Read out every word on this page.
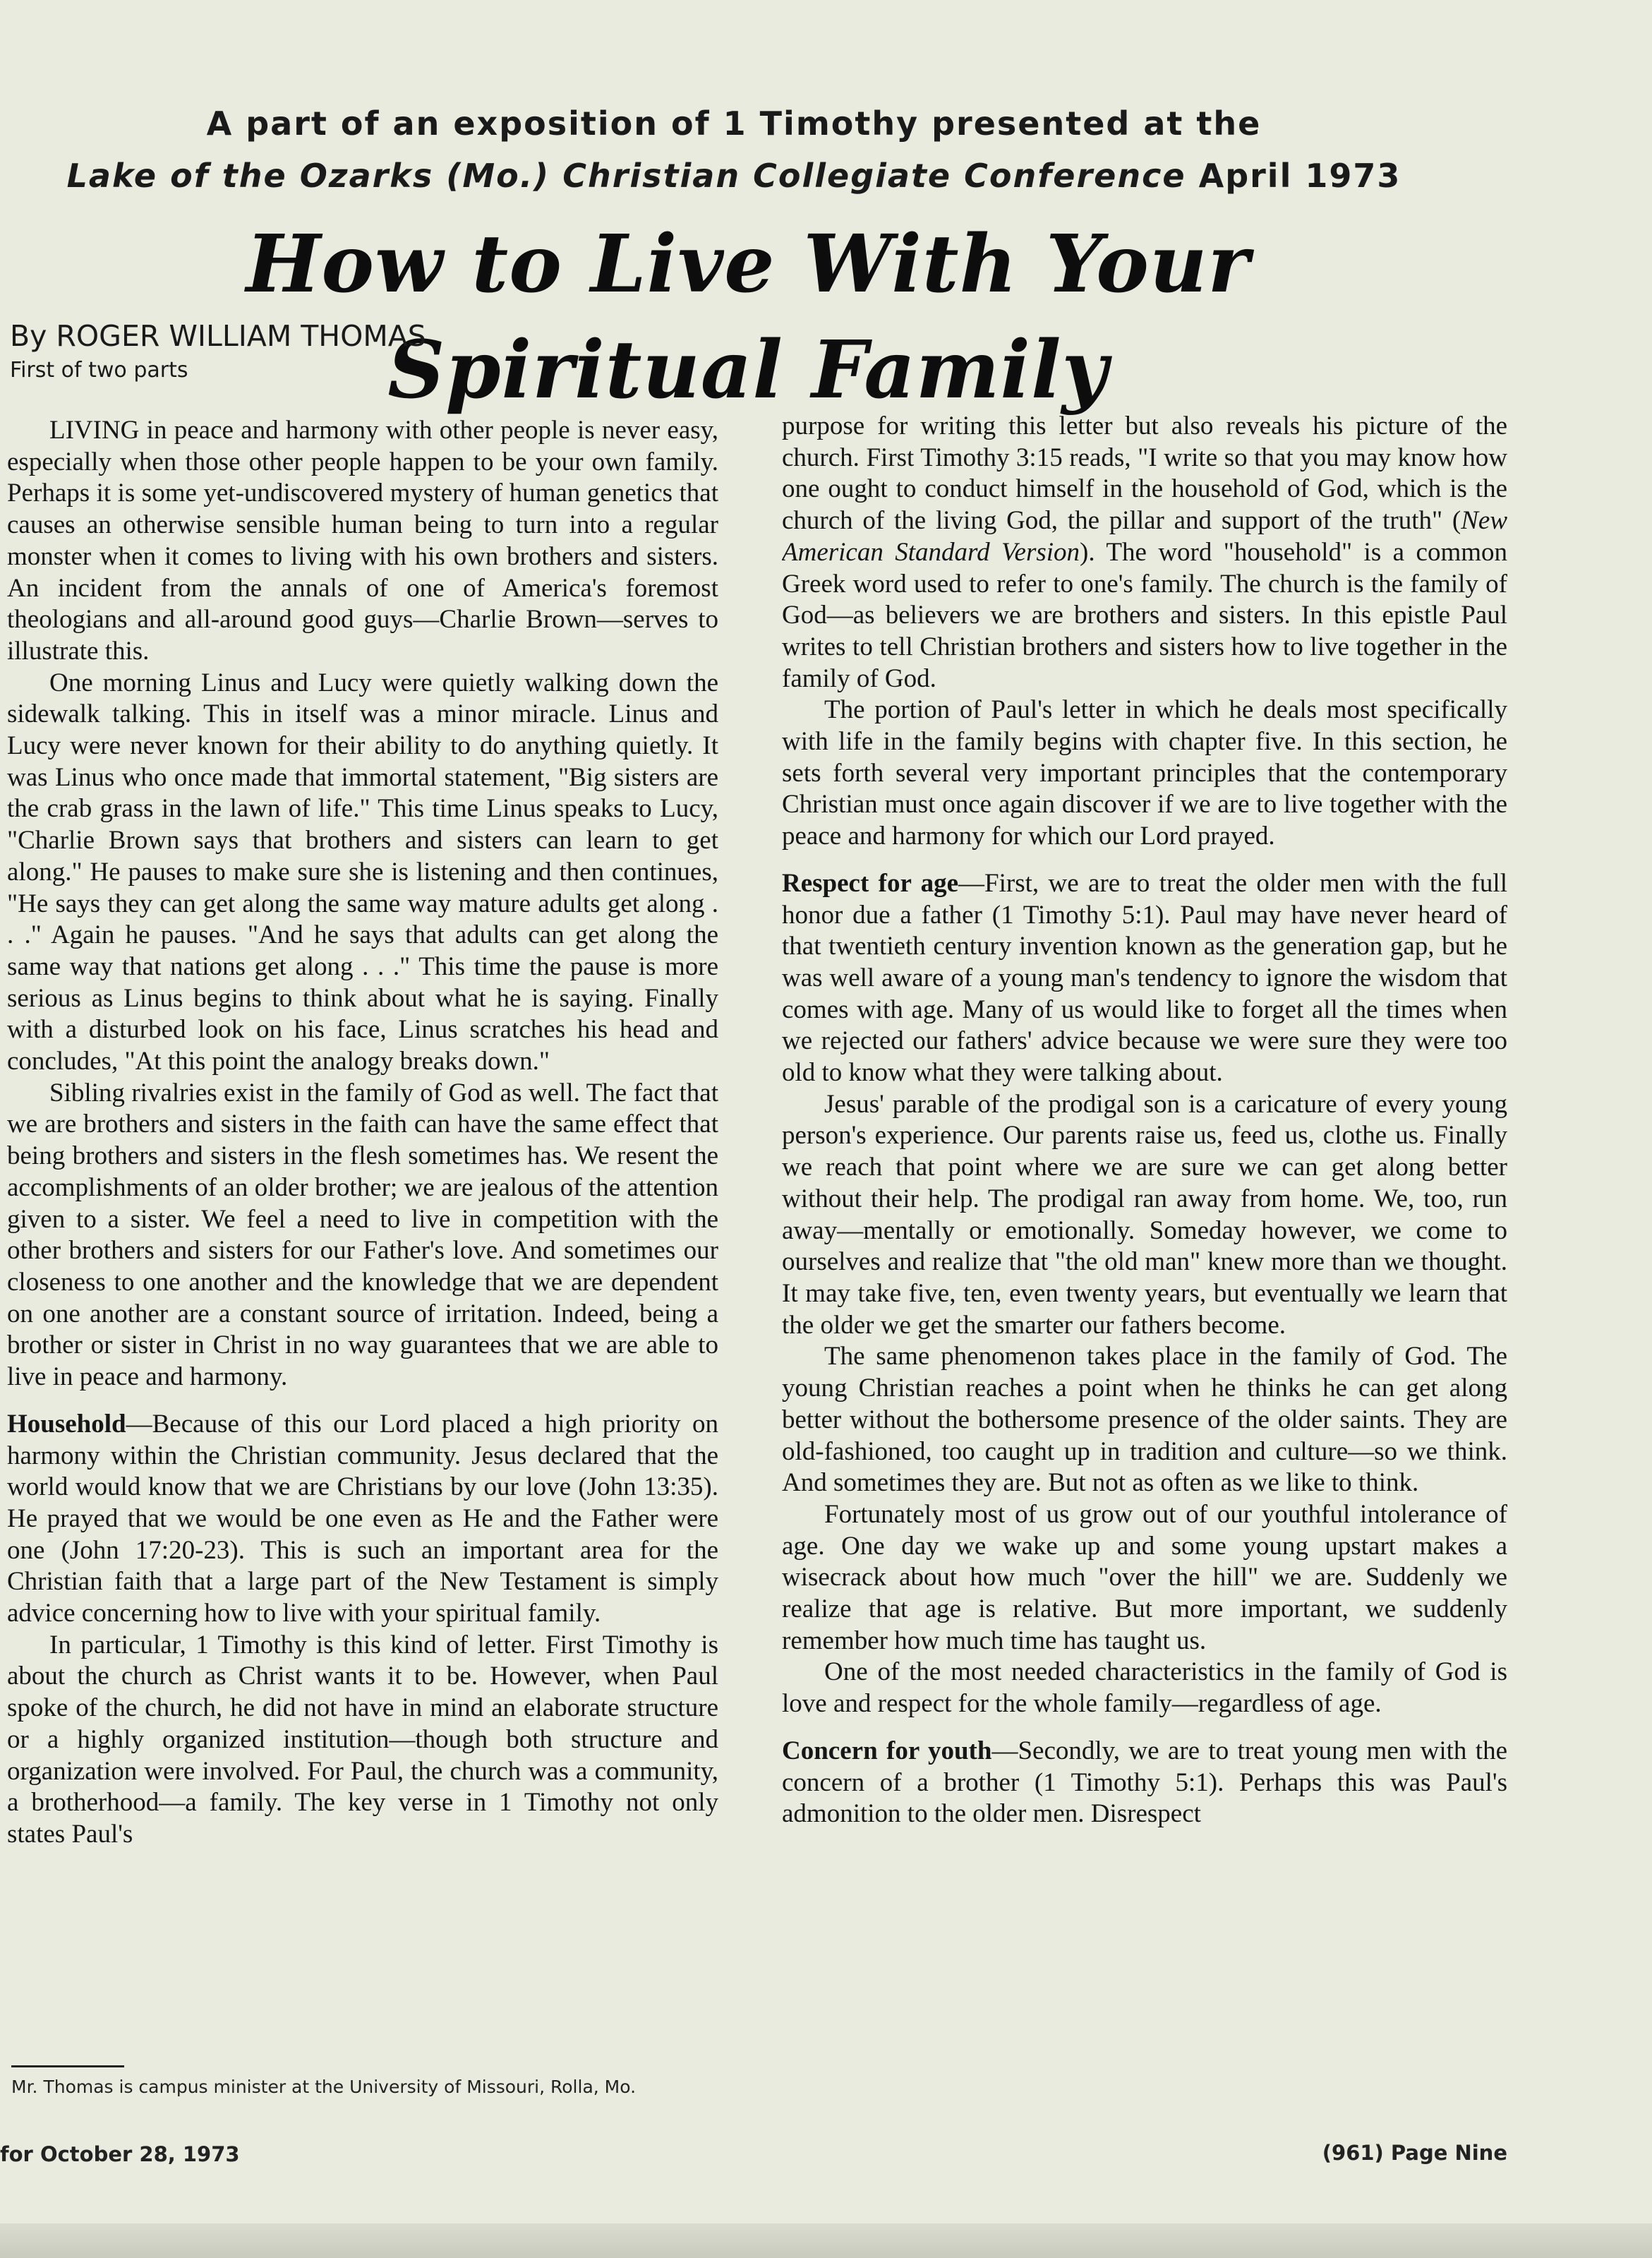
A part of an exposition of 1 Timothy presented at the
Lake of the Ozarks (Mo.) Christian Collegiate Conference April 1973
How to Live With Your Spiritual Family
By ROGER WILLIAM THOMAS
First of two parts

LIVING in peace and harmony with other people is never easy, especially when those other people happen to be your own family. Perhaps it is some yet-undiscovered mystery of human genetics that causes an otherwise sensible human being to turn into a regular monster when it comes to living with his own brothers and sisters. An incident from the annals of one of America's foremost theologians and all-around good guys—Charlie Brown—serves to illustrate this.

One morning Linus and Lucy were quietly walking down the sidewalk talking. This in itself was a minor miracle. Linus and Lucy were never known for their ability to do anything quietly. It was Linus who once made that immortal statement, "Big sisters are the crab grass in the lawn of life." This time Linus speaks to Lucy, "Charlie Brown says that brothers and sisters can learn to get along." He pauses to make sure she is listening and then continues, "He says they can get along the same way mature adults get along . . ." Again he pauses. "And he says that adults can get along the same way that nations get along . . ." This time the pause is more serious as Linus begins to think about what he is saying. Finally with a disturbed look on his face, Linus scratches his head and concludes, "At this point the analogy breaks down."

Sibling rivalries exist in the family of God as well. The fact that we are brothers and sisters in the faith can have the same effect that being brothers and sisters in the flesh sometimes has. We resent the accomplishments of an older brother; we are jealous of the attention given to a sister. We feel a need to live in competition with the other brothers and sisters for our Father's love. And sometimes our closeness to one another and the knowledge that we are dependent on one another are a constant source of irritation. Indeed, being a brother or sister in Christ in no way guarantees that we are able to live in peace and harmony.

Household—Because of this our Lord placed a high priority on harmony within the Christian community. Jesus declared that the world would know that we are Christians by our love (John 13:35). He prayed that we would be one even as He and the Father were one (John 17:20-23). This is such an important area for the Christian faith that a large part of the New Testament is simply advice concerning how to live with your spiritual family.

In particular, 1 Timothy is this kind of letter. First Timothy is about the church as Christ wants it to be. However, when Paul spoke of the church, he did not have in mind an elaborate structure or a highly organized institution—though both structure and organization were involved. For Paul, the church was a community, a brotherhood—a family. The key verse in 1 Timothy not only states Paul's

purpose for writing this letter but also reveals his picture of the church. First Timothy 3:15 reads, "I write so that you may know how one ought to conduct himself in the household of God, which is the church of the living God, the pillar and support of the truth" (New American Standard Version). The word "household" is a common Greek word used to refer to one's family. The church is the family of God—as believers we are brothers and sisters. In this epistle Paul writes to tell Christian brothers and sisters how to live together in the family of God.

The portion of Paul's letter in which he deals most specifically with life in the family begins with chapter five. In this section, he sets forth several very important principles that the contemporary Christian must once again discover if we are to live together with the peace and harmony for which our Lord prayed.

Respect for age—First, we are to treat the older men with the full honor due a father (1 Timothy 5:1). Paul may have never heard of that twentieth century invention known as the generation gap, but he was well aware of a young man's tendency to ignore the wisdom that comes with age. Many of us would like to forget all the times when we rejected our fathers' advice because we were sure they were too old to know what they were talking about.

Jesus' parable of the prodigal son is a caricature of every young person's experience. Our parents raise us, feed us, clothe us. Finally we reach that point where we are sure we can get along better without their help. The prodigal ran away from home. We, too, run away—mentally or emotionally. Someday however, we come to ourselves and realize that "the old man" knew more than we thought. It may take five, ten, even twenty years, but eventually we learn that the older we get the smarter our fathers become.

The same phenomenon takes place in the family of God. The young Christian reaches a point when he thinks he can get along better without the bothersome presence of the older saints. They are old-fashioned, too caught up in tradition and culture—so we think. And sometimes they are. But not as often as we like to think.

Fortunately most of us grow out of our youthful intolerance of age. One day we wake up and some young upstart makes a wisecrack about how much "over the hill" we are. Suddenly we realize that age is relative. But more important, we suddenly remember how much time has taught us.

One of the most needed characteristics in the family of God is love and respect for the whole family—regardless of age.

Concern for youth—Secondly, we are to treat young men with the concern of a brother (1 Timothy 5:1). Perhaps this was Paul's admonition to the older men. Disrespect

Mr. Thomas is campus minister at the University of Missouri, Rolla, Mo.
for October 28, 1973	(961) Page Nine
